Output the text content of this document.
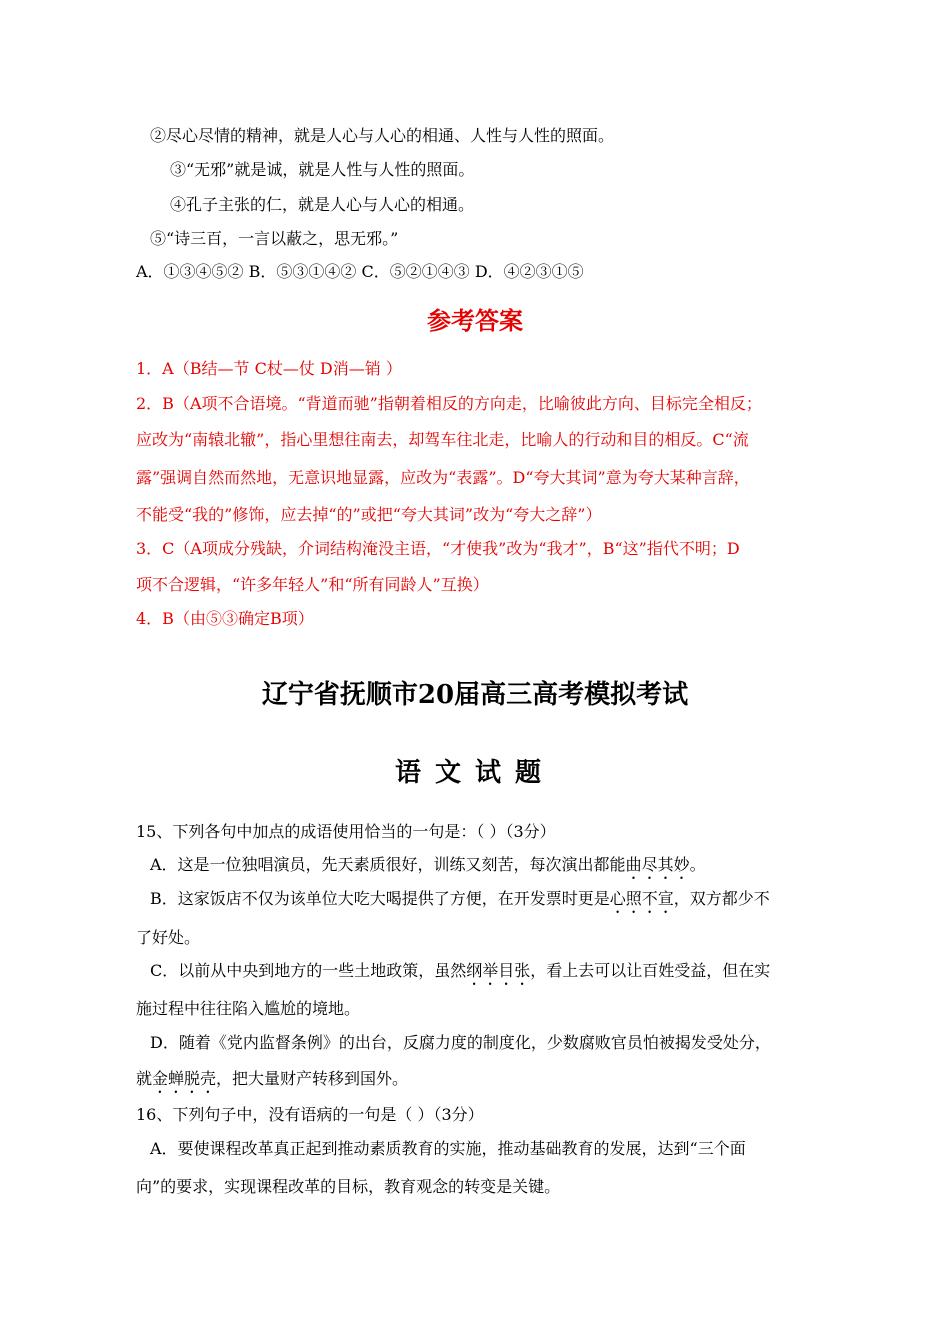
②尽心尽情的精神，就是人心与人心的相通、人性与人性的照面。
③“无邪”就是诚，就是人性与人性的照面。
④孔子主张的仁，就是人心与人心的相通。
⑤“诗三百，一言以蔽之，思无邪。”
A．①③④⑤② B．⑤③①④② C．⑤②①④③ D．④②③①⑤
参考答案
1．A（B结—节 C杖—仗 D消—销 ）
2．B（A项不合语境。“背道而驰”指朝着相反的方向走，比喻彼此方向、目标完全相反；
应改为“南辕北辙”，指心里想往南去，却驾车往北走，比喻人的行动和目的相反。C“流
露”强调自然而然地，无意识地显露，应改为“表露”。D“夸大其词”意为夸大某种言辞，
不能受“我的”修饰，应去掉“的”或把“夸大其词”改为“夸大之辞”）
3．C（A项成分残缺，介词结构淹没主语，“才使我”改为“我才”，B“这”指代不明；D
项不合逻辑，“许多年轻人”和“所有同龄人”互换）
4．B（由⑤③确定B项）
辽宁省抚顺市20届高三高考模拟考试
语文试题
15、下列各句中加点的成语使用恰当的一句是：（ ）（3分）
A．这是一位独唱演员，先天素质很好，训练又刻苦，每次演出都能曲尽其妙。
B．这家饭店不仅为该单位大吃大喝提供了方便，在开发票时更是心照不宣，双方都少不
了好处。
C．以前从中央到地方的一些土地政策，虽然纲举目张，看上去可以让百姓受益，但在实
施过程中往往陷入尴尬的境地。
D．随着《党内监督条例》的出台，反腐力度的制度化，少数腐败官员怕被揭发受处分，
就金蝉脱壳，把大量财产转移到国外。
16、下列句子中，没有语病的一句是（ ）（3分）
A．要使课程改革真正起到推动素质教育的实施，推动基础教育的发展，达到“三个面
向”的要求，实现课程改革的目标，教育观念的转变是关键。
